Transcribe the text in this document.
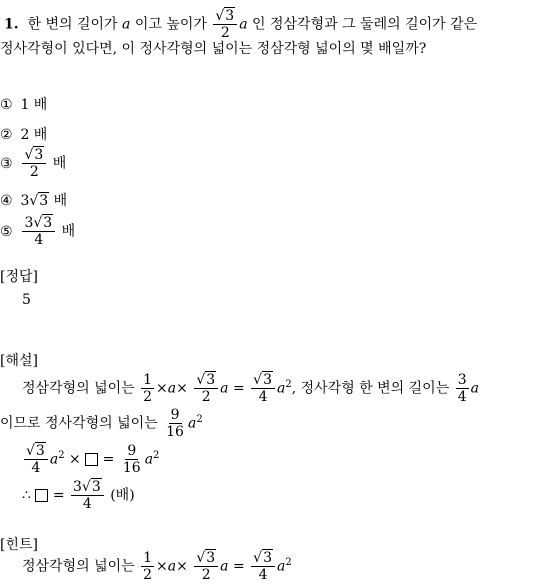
1. 한 변의 길이가 a 이고 높이가 $\frac{√3}{2}$ a 인 정삼각형과 그 둘레의 길이가 같은
정사각형이 있다면, 이 정사각형의 넓이는 정삼각형 넓이의 몇 배일까?
① 1 배
② 2 배
③ $\frac{√3}{2}$ 배
④ 3√3 배
⑤ $\frac{3√3}{4}$ 배
[정답]
5
[해설]
정삼각형의 넓이는 $\frac{1}{2} \times a\times \frac{√3}{2}$ $a = \frac{√3}{4} a^2$, 정사각형 한 변의 길이는 $\frac{3}{4}$ a
이므로 정사각형의 넓이는 $\frac{9}{16} a^2$
$\frac{√3}{4} a^2$ ×  = $\frac{9}{16} a^2$
∴  = $\frac{3√3}{4}$ (배)
[힌트]
정삼각형의 넓이는 $\frac{1}{2} \times a\times \frac{√3}{2}$ $a = \frac{√3}{4} a^2$
